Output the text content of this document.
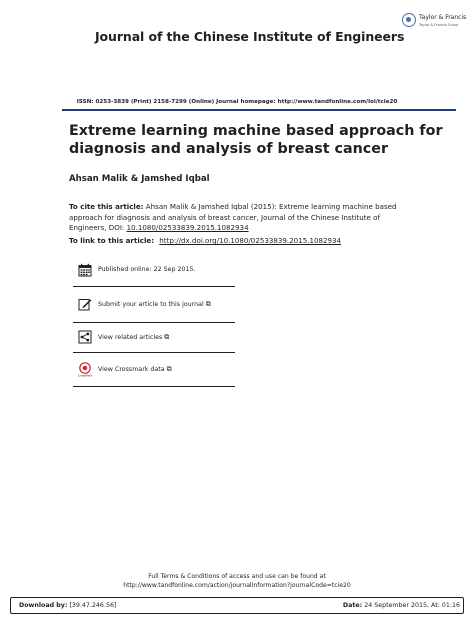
Journal of the Chinese Institute of Engineers
Taylor & Francis
Taylor & Francis Group
ISSN: 0253-3839 (Print) 2158-7299 (Online) Journal homepage: http://www.tandfonline.com/loi/tcie20
Extreme learning machine based approach for diagnosis and analysis of breast cancer
Ahsan Malik & Jamshed Iqbal
To cite this article: Ahsan Malik & Jamshed Iqbal (2015): Extreme learning machine based approach for diagnosis and analysis of breast cancer, Journal of the Chinese Institute of Engineers, DOI: 10.1080/02533839.2015.1082934
To link to this article: http://dx.doi.org/10.1080/02533839.2015.1082934
Published online: 22 Sep 2015.
Submit your article to this journal ⧉
View related articles ⧉
CrossMark
View Crossmark data ⧉
Full Terms & Conditions of access and use can be found at
http://www.tandfonline.com/action/journalInformation?journalCode=tcie20
Download by: [39.47.246.56]	Date: 24 September 2015, At: 01:16
